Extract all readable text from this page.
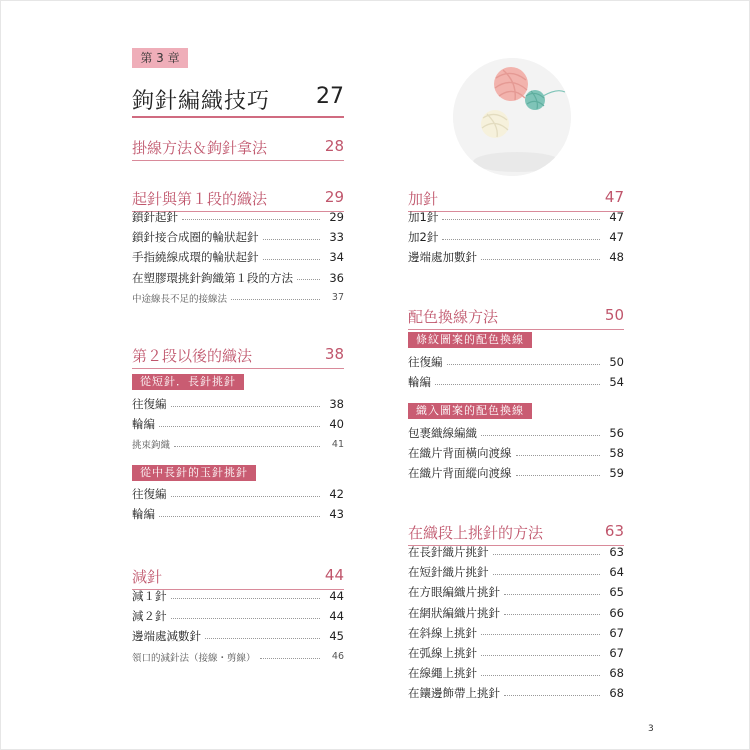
第 3 章
鉤針編織技巧 27
掛線方法＆鉤針拿法	28
起針與第１段的織法	29
鎖針起針	29
鎖針接合成圈的輪狀起針	33
手指繞線成環的輪狀起針	34
在塑膠環挑針鉤織第１段的方法	36
中途線長不足的接線法	37
第２段以後的織法	38
從短針．長針挑針
往復編	38
輪編	40
挑束鉤織	41
從中長針的玉針挑針
往復編	42
輪編	43
減針	44
減１針	44
減２針	44
邊端處減數針	45
領口的減針法（接線・剪線）	46
加針	47
加1針	47
加2針	47
邊端處加數針	48
配色換線方法	50
條紋圖案的配色換線
往復編	50
輪編	54
織入圖案的配色換線
包裹織線編織	56
在織片背面橫向渡線	58
在織片背面縱向渡線	59
在織段上挑針的方法	63
在長針織片挑針	63
在短針織片挑針	64
在方眼編織片挑針	65
在網狀編織片挑針	66
在斜線上挑針	67
在弧線上挑針	67
在線繩上挑針	68
在鑲邊飾帶上挑針	68
3
